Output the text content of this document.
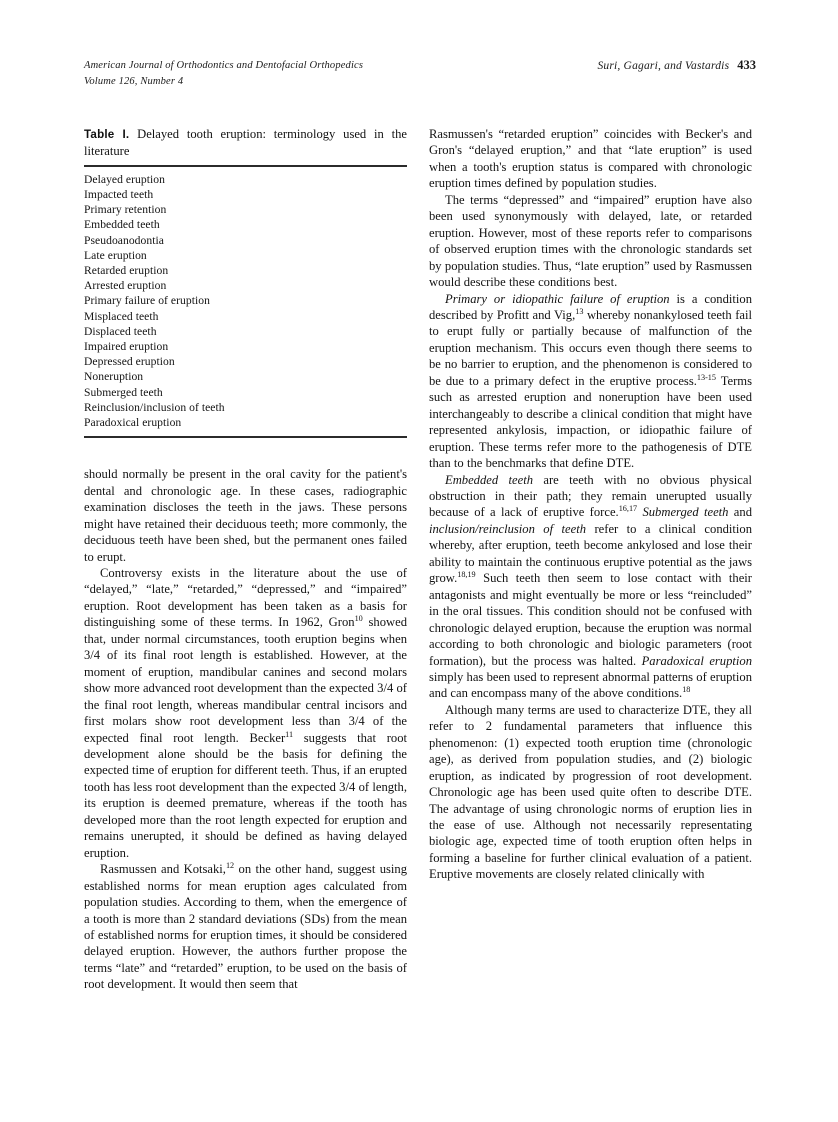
American Journal of Orthodontics and Dentofacial Orthopedics
Volume 126, Number 4
Suri, Gagari, and Vastardis 433
Table I. Delayed tooth eruption: terminology used in the literature
Delayed eruption
Impacted teeth
Primary retention
Embedded teeth
Pseudoanodontia
Late eruption
Retarded eruption
Arrested eruption
Primary failure of eruption
Misplaced teeth
Displaced teeth
Impaired eruption
Depressed eruption
Noneruption
Submerged teeth
Reinclusion/inclusion of teeth
Paradoxical eruption

should normally be present in the oral cavity for the patient's dental and chronologic age. In these cases, radiographic examination discloses the teeth in the jaws. These persons might have retained their deciduous teeth; more commonly, the deciduous teeth have been shed, but the permanent ones failed to erupt.

Controversy exists in the literature about the use of “delayed,” “late,” “retarded,” “depressed,” and “impaired” eruption. Root development has been taken as a basis for distinguishing some of these terms. In 1962, Gron$^{10}$ showed that, under normal circumstances, tooth eruption begins when 3/4 of its final root length is established. However, at the moment of eruption, mandibular canines and second molars show more advanced root development than the expected 3/4 of the final root length, whereas mandibular central incisors and first molars show root development less than 3/4 of the expected final root length. Becker$^{11}$ suggests that root development alone should be the basis for defining the expected time of eruption for different teeth. Thus, if an erupted tooth has less root development than the expected 3/4 of length, its eruption is deemed premature, whereas if the tooth has developed more than the root length expected for eruption and remains unerupted, it should be defined as having delayed eruption.

Rasmussen and Kotsaki,$^{12}$ on the other hand, suggest using established norms for mean eruption ages calculated from population studies. According to them, when the emergence of a tooth is more than 2 standard deviations (SDs) from the mean of established norms for eruption times, it should be considered delayed eruption. However, the authors further propose the terms “late” and “retarded” eruption, to be used on the basis of root development. It would then seem that

Rasmussen's “retarded eruption” coincides with Becker's and Gron's “delayed eruption,” and that “late eruption” is used when a tooth's eruption status is compared with chronologic eruption times defined by population studies.

The terms “depressed” and “impaired” eruption have also been used synonymously with delayed, late, or retarded eruption. However, most of these reports refer to comparisons of observed eruption times with the chronologic standards set by population studies. Thus, “late eruption” used by Rasmussen would describe these conditions best.

Primary or idiopathic failure of eruption is a condition described by Profitt and Vig,$^{13}$ whereby nonankylosed teeth fail to erupt fully or partially because of malfunction of the eruption mechanism. This occurs even though there seems to be no barrier to eruption, and the phenomenon is considered to be due to a primary defect in the eruptive process.$^{13-15}$ Terms such as arrested eruption and noneruption have been used interchangeably to describe a clinical condition that might have represented ankylosis, impaction, or idiopathic failure of eruption. These terms refer more to the pathogenesis of DTE than to the benchmarks that define DTE.

Embedded teeth are teeth with no obvious physical obstruction in their path; they remain unerupted usually because of a lack of eruptive force.$^{16,17}$ Submerged teeth and inclusion/reinclusion of teeth refer to a clinical condition whereby, after eruption, teeth become ankylosed and lose their ability to maintain the continuous eruptive potential as the jaws grow.$^{18,19}$ Such teeth then seem to lose contact with their antagonists and might eventually be more or less “reincluded” in the oral tissues. This condition should not be confused with chronologic delayed eruption, because the eruption was normal according to both chronologic and biologic parameters (root formation), but the process was halted. Paradoxical eruption simply has been used to represent abnormal patterns of eruption and can encompass many of the above conditions.$^{18}$

Although many terms are used to characterize DTE, they all refer to 2 fundamental parameters that influence this phenomenon: (1) expected tooth eruption time (chronologic age), as derived from population studies, and (2) biologic eruption, as indicated by progression of root development. Chronologic age has been used quite often to describe DTE. The advantage of using chronologic norms of eruption lies in the ease of use. Although not necessarily representating biologic age, expected time of tooth eruption often helps in forming a baseline for further clinical evaluation of a patient. Eruptive movements are closely related clinically with
